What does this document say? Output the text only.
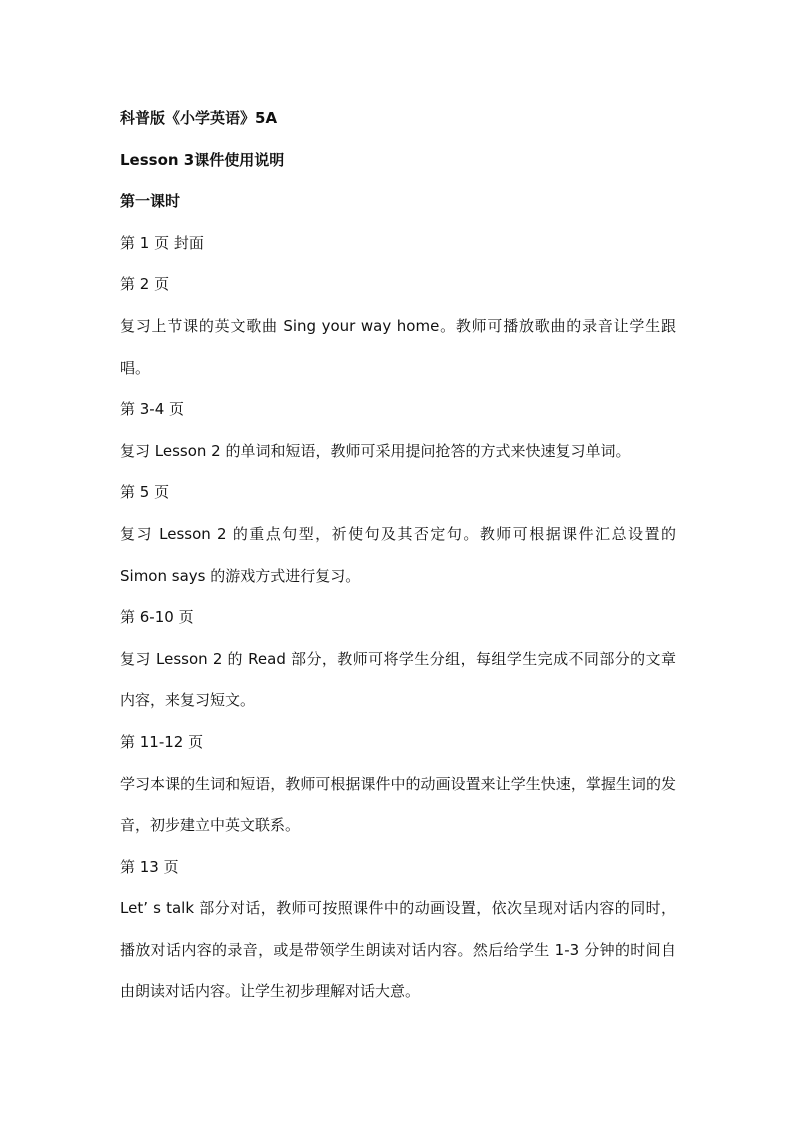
科普版《小学英语》5A
Lesson 3课件使用说明
第一课时
第 1 页 封面
第 2 页
复习上节课的英文歌曲 Sing your way home。教师可播放歌曲的录音让学生跟唱。
第 3-4 页
复习 Lesson 2 的单词和短语，教师可采用提问抢答的方式来快速复习单词。
第 5 页
复习 Lesson 2 的重点句型，祈使句及其否定句。教师可根据课件汇总设置的Simon says 的游戏方式进行复习。
第 6-10 页
复习 Lesson 2 的 Read 部分，教师可将学生分组，每组学生完成不同部分的文章内容，来复习短文。
第 11-12 页
学习本课的生词和短语，教师可根据课件中的动画设置来让学生快速，掌握生词的发音，初步建立中英文联系。
第 13 页
Let’ s talk 部分对话，教师可按照课件中的动画设置，依次呈现对话内容的同时，播放对话内容的录音，或是带领学生朗读对话内容。然后给学生 1-3 分钟的时间自由朗读对话内容。让学生初步理解对话大意。
